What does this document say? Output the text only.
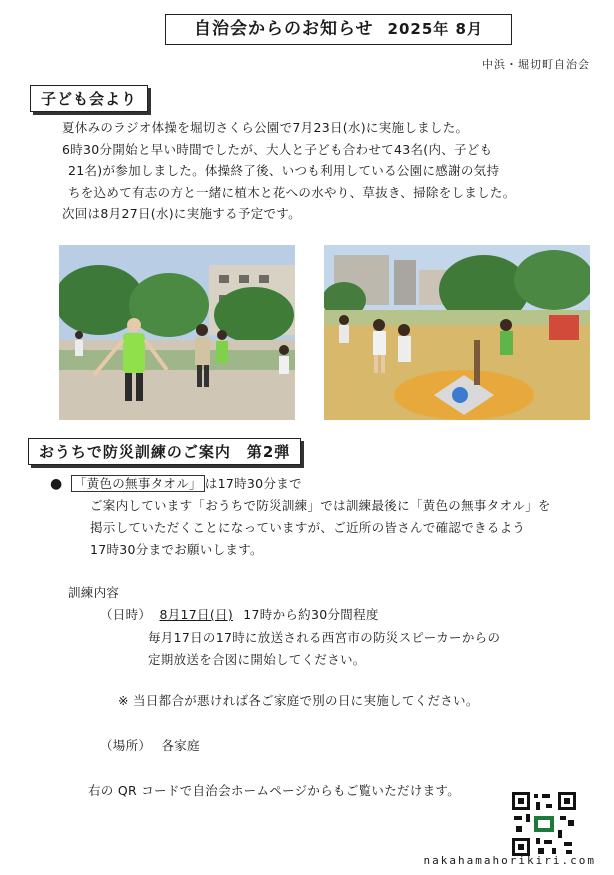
自治会からのお知らせ 2025年 8月
中浜・堀切町自治会
子ども会より
夏休みのラジオ体操を堀切さくら公園で7月23日(水)に実施しました。
6時30分開始と早い時間でしたが、大人と子ども合わせて43名(内、子ども
21名)が参加しました。体操終了後、いつも利用している公園に感謝の気持
ちを込めて有志の方と一緒に植木と花への水やり、草抜き、掃除をしました。
次回は8月27日(水)に実施する予定です。
おうちで防災訓練のご案内　第2弾
● 「黄色の無事タオル」 は17時30分まで
ご案内しています「おうちで防災訓練」では訓練最後に「黄色の無事タオル」を
掲示していただくことになっていますが、ご近所の皆さんで確認できるよう
17時30分までお願いします。
訓練内容
（日時） 8月17日(日) 17時から約30分間程度
毎月17日の17時に放送される西宮市の防災スピーカーからの
定期放送を合図に開始してください。
※ 当日都合が悪ければ各ご家庭で別の日に実施してください。
（場所） 各家庭
右の QR コードで自治会ホームページからもご覧いただけます。
nakahamahorikiri.com
